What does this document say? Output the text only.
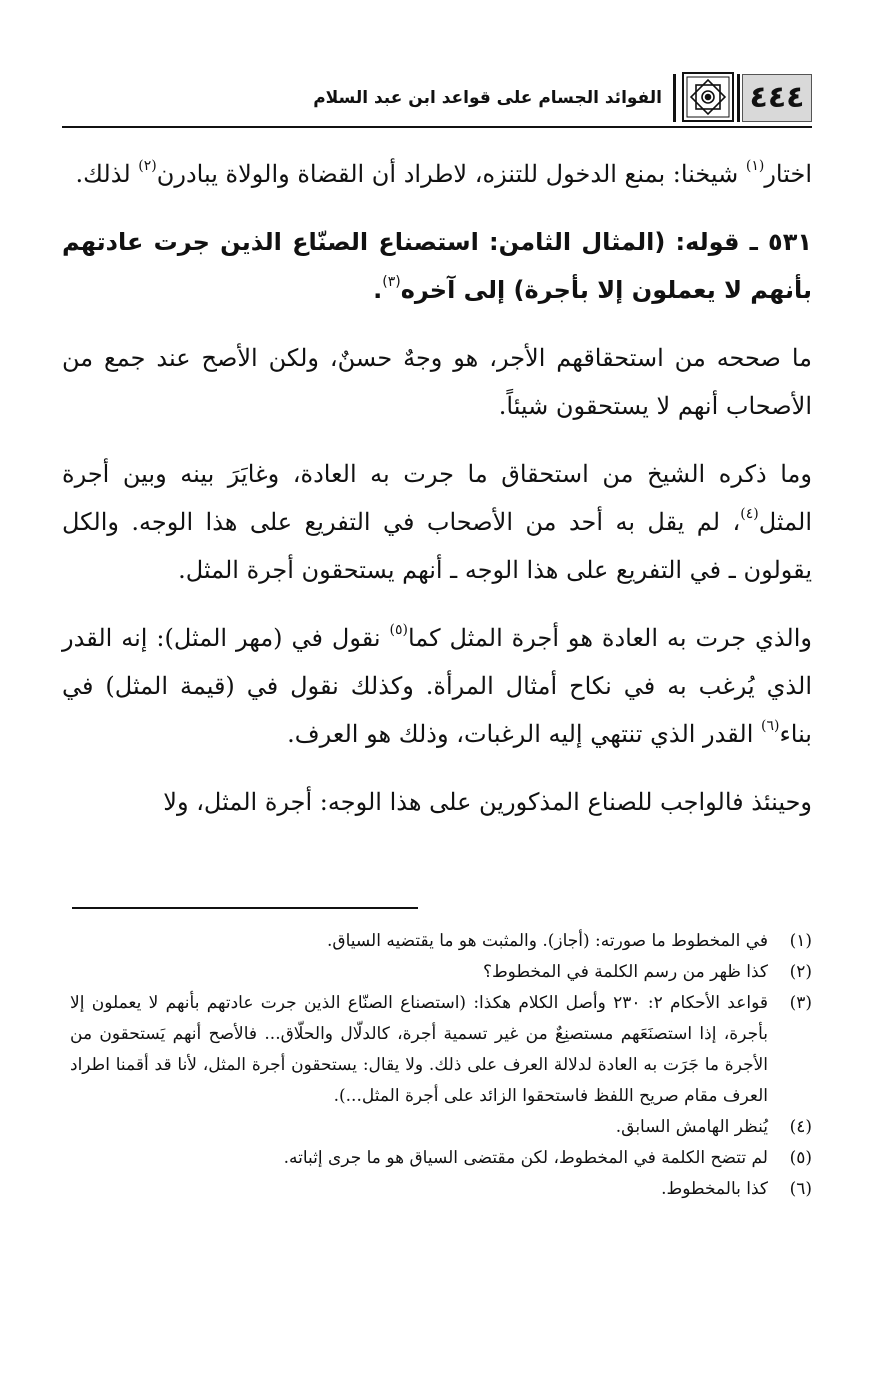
٤٤٤
الفوائد الجسام على قواعد ابن عبد السلام

اختار$^{(١)}$ شيخنا: بمنع الدخول للتنزه، لاطراد أن القضاة والولاة يبادرن$^{(٢)}$ لذلك.

٥٣١ ـ قوله: (المثال الثامن: استصناع الصنّاع الذين جرت عادتهم بأنهم لا يعملون إلا بأجرة) إلى آخره$^{(٣)}$.

ما صححه من استحقاقهم الأجر، هو وجهٌ حسنٌ، ولكن الأصح عند جمع من الأصحاب أنهم لا يستحقون شيئاً.

وما ذكره الشيخ من استحقاق ما جرت به العادة، وغايَرَ بينه وبين أجرة المثل$^{(٤)}$، لم يقل به أحد من الأصحاب في التفريع على هذا الوجه. والكل يقولون ـ في التفريع على هذا الوجه ـ أنهم يستحقون أجرة المثل.

والذي جرت به العادة هو أجرة المثل كما$^{(٥)}$ نقول في (مهر المثل): إنه القدر الذي يُرغب به في نكاح أمثال المرأة. وكذلك نقول في (قيمة المثل) في بناء$^{(٦)}$ القدر الذي تنتهي إليه الرغبات، وذلك هو العرف.

وحينئذ فالواجب للصناع المذكورين على هذا الوجه: أجرة المثل، ولا

(١)
في المخطوط ما صورته: (أجاز). والمثبت هو ما يقتضيه السياق.
(٢)
كذا ظهر من رسم الكلمة في المخطوط؟
(٣)
قواعد الأحكام ٢: ٢٣٠ وأصل الكلام هكذا: (استصناع الصنّاع الذين جرت عادتهم بأنهم لا يعملون إلا بأجرة، إذا استصنَعَهم مستصنِعٌ من غير تسمية أجرة، كالدلّال والحلّاق... فالأصح أنهم يَستحقون من الأجرة ما جَرَت به العادة لدلالة العرف على ذلك. ولا يقال: يستحقون أجرة المثل، لأنا قد أقمنا اطراد العرف مقام صريح اللفظ فاستحقوا الزائد على أجرة المثل...).
(٤)
يُنظر الهامش السابق.
(٥)
لم تتضح الكلمة في المخطوط، لكن مقتضى السياق هو ما جرى إثباته.
(٦)
كذا بالمخطوط.
